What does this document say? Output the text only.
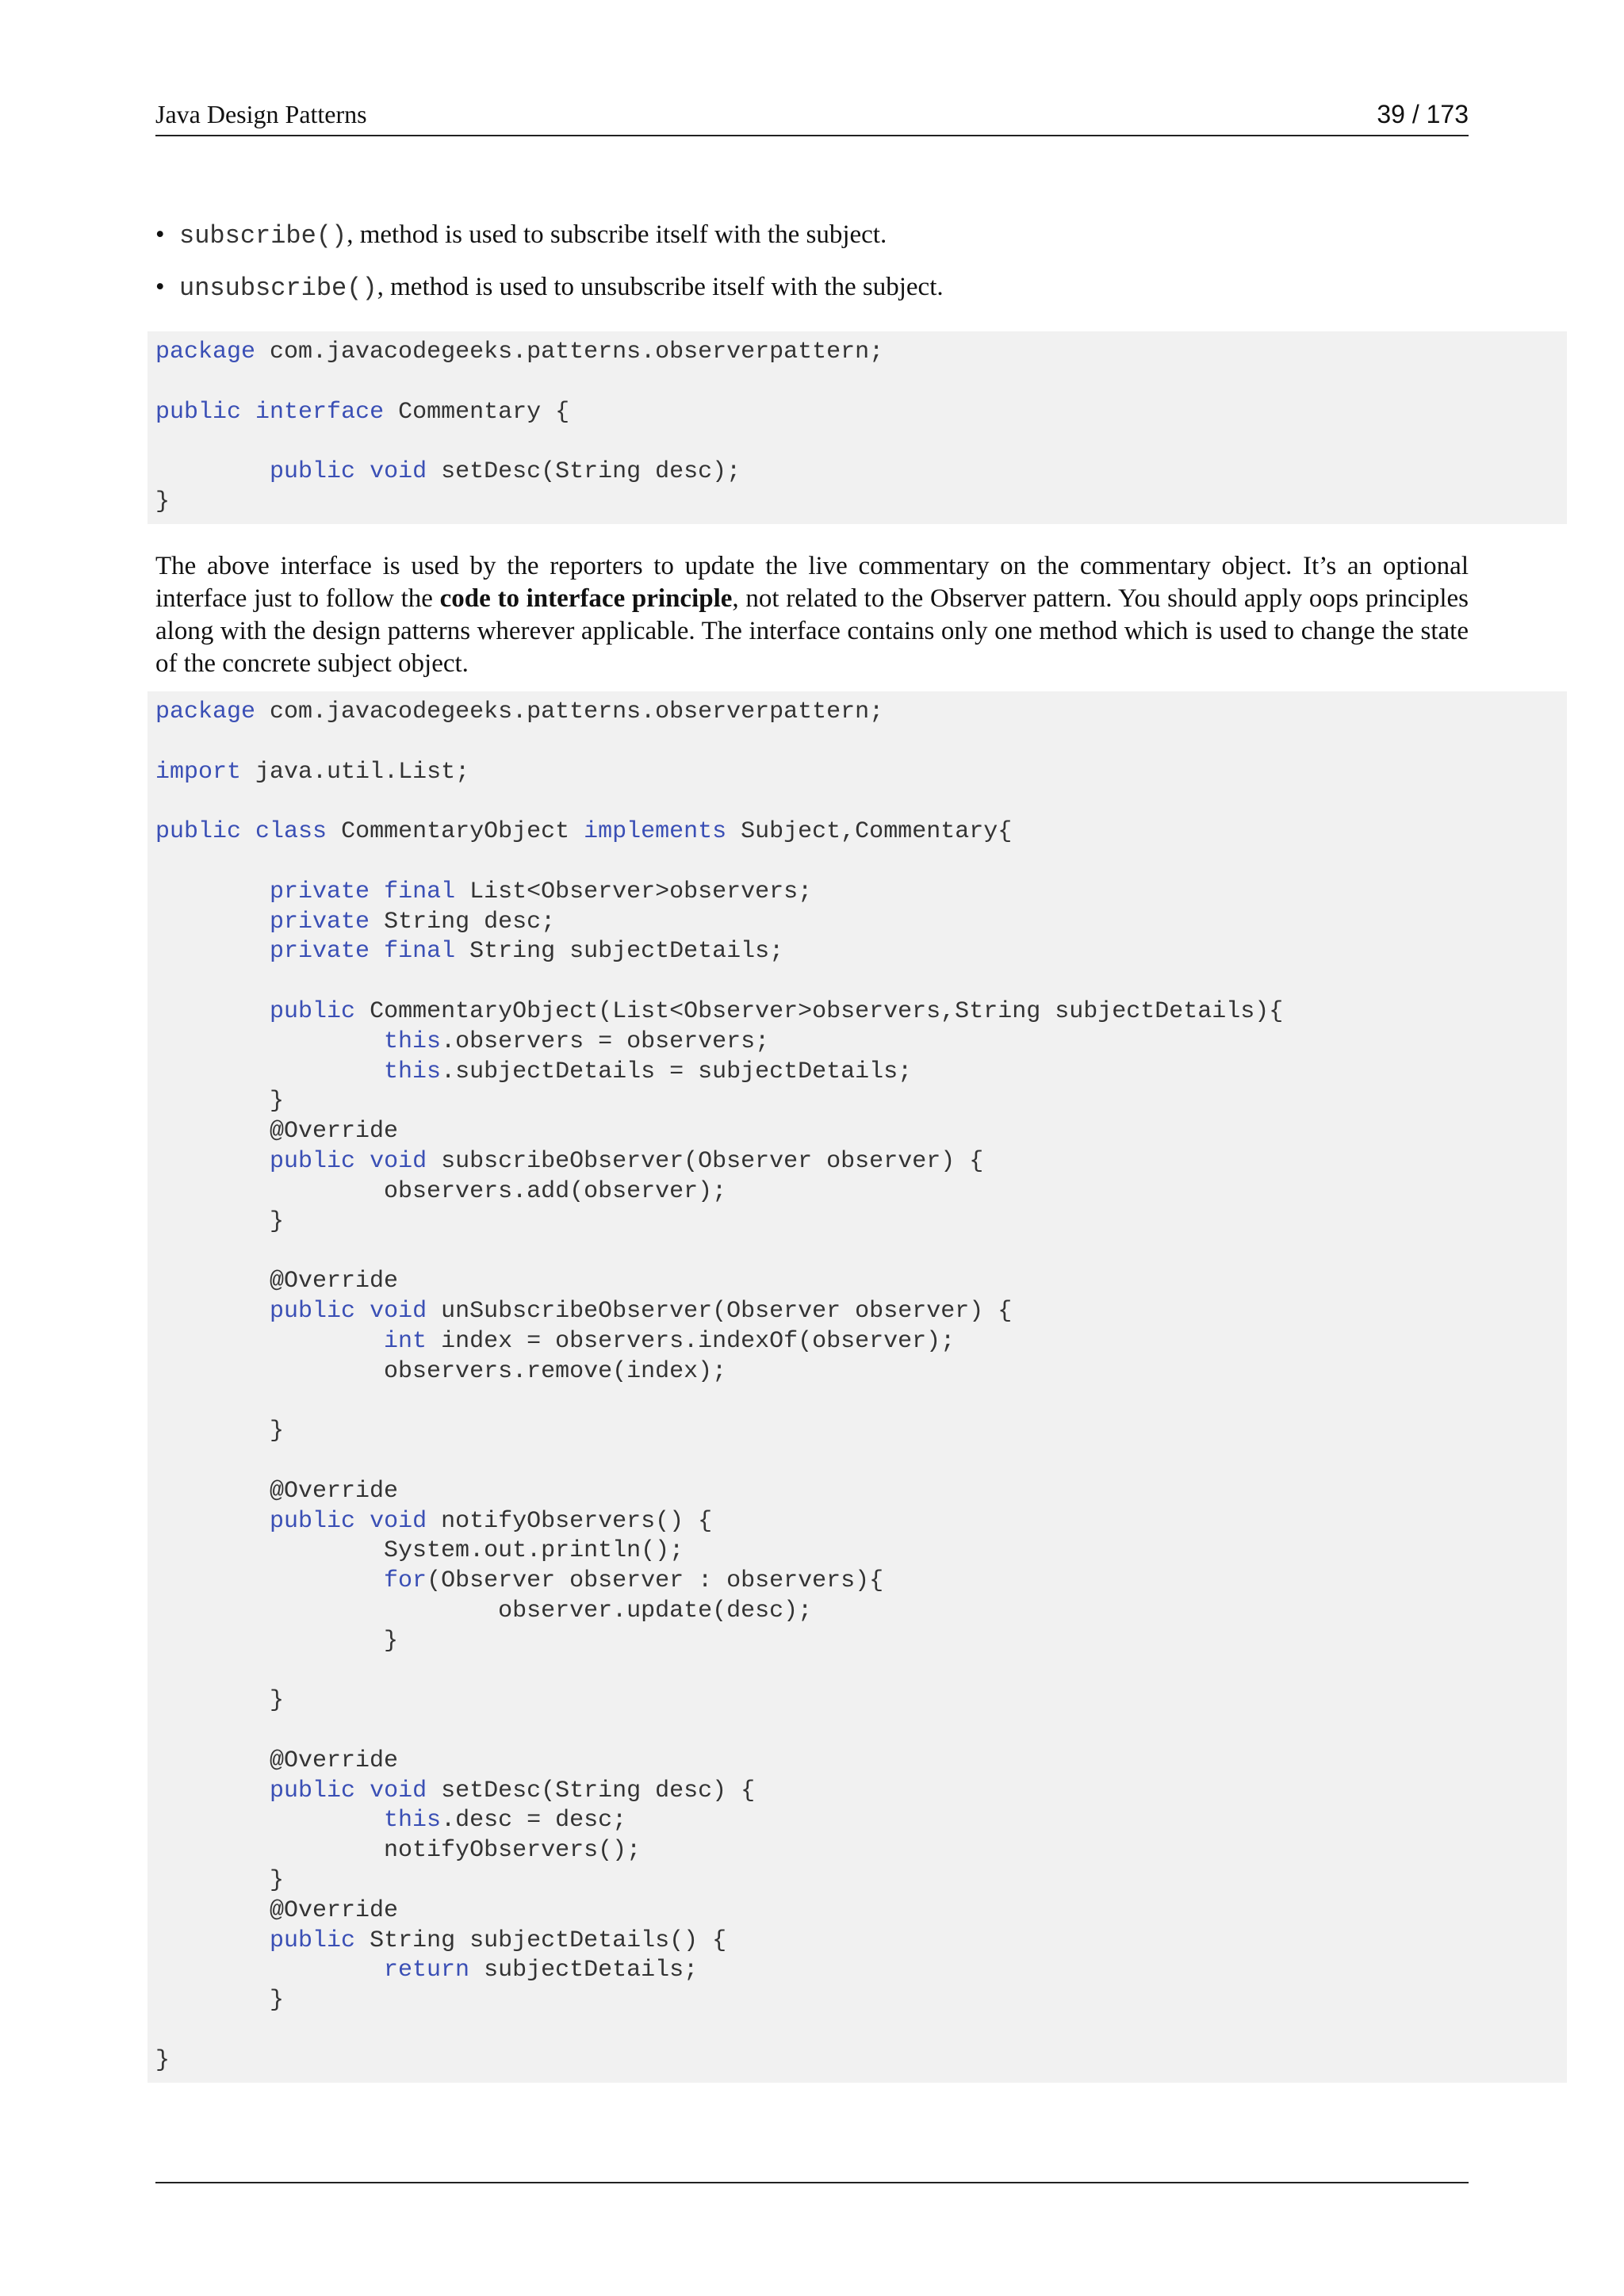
Java Design Patterns	39 / 173
• subscribe(), method is used to subscribe itself with the subject.
• unsubscribe(), method is used to unsubscribe itself with the subject.
package com.javacodegeeks.patterns.observerpattern;
public interface Commentary {
public void setDesc(String desc);
}

The above interface is used by the reporters to update the live commentary on the commentary object. It’s an optional interface just to follow the code to interface principle, not related to the Observer pattern. You should apply oops principles along with the design patterns wherever applicable. The interface contains only one method which is used to change the state of the concrete subject object.

package com.javacodegeeks.patterns.observerpattern;
import java.util.List;
public class CommentaryObject implements Subject,Commentary{
private final List<Observer>observers;
private String desc;
private final String subjectDetails;
public CommentaryObject(List<Observer>observers,String subjectDetails){
this.observers = observers;
this.subjectDetails = subjectDetails;
}
@Override
public void subscribeObserver(Observer observer) {
observers.add(observer);
}
@Override
public void unSubscribeObserver(Observer observer) {
int index = observers.indexOf(observer);
observers.remove(index);
}
@Override
public void notifyObservers() {
System.out.println();
for(Observer observer : observers){
observer.update(desc);
}
}
@Override
public void setDesc(String desc) {
this.desc = desc;
notifyObservers();
}
@Override
public String subjectDetails() {
return subjectDetails;
}
}
